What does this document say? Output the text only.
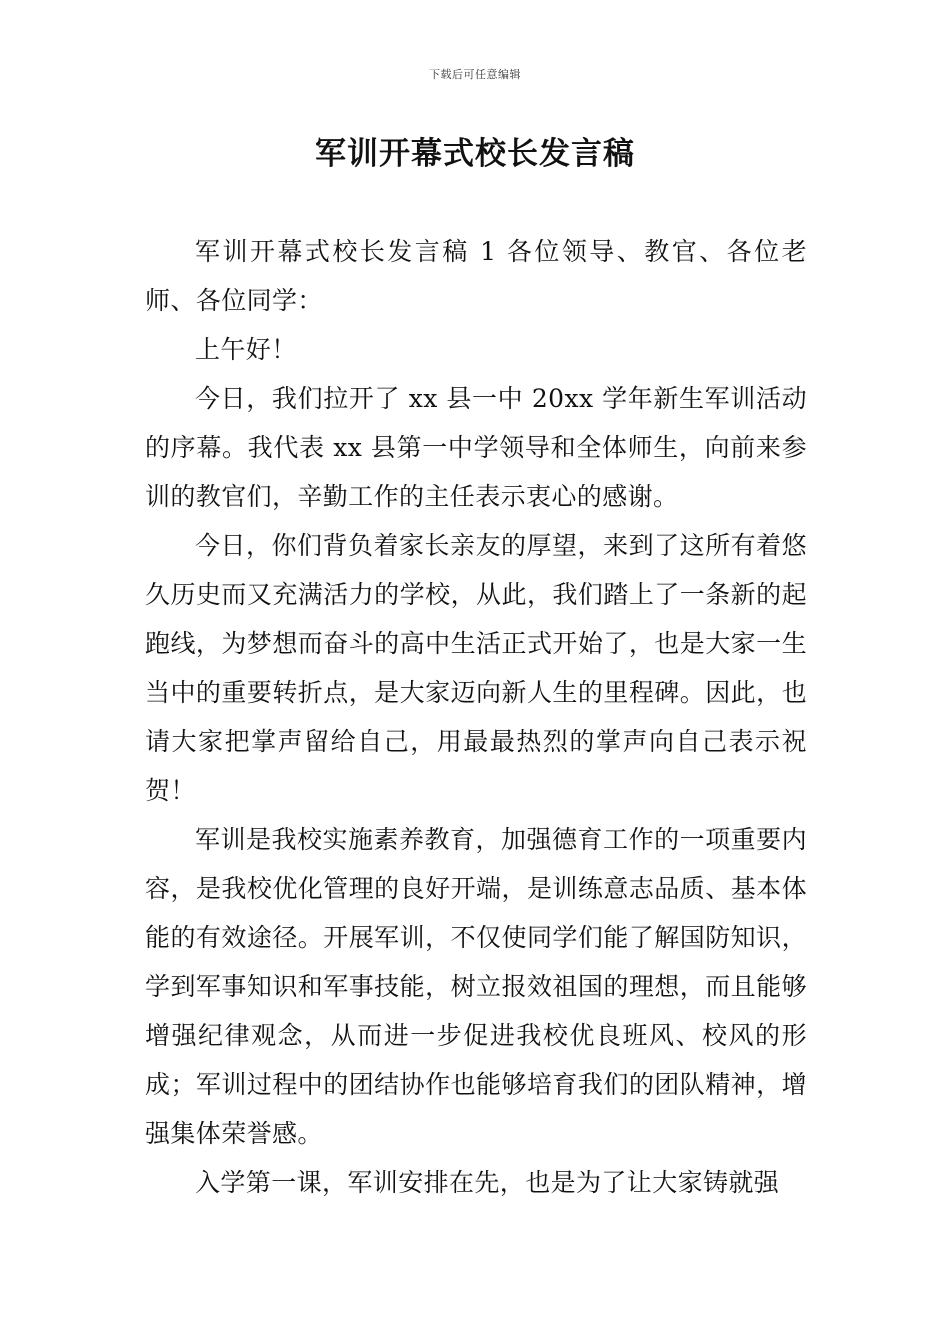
下载后可任意编辑
军训开幕式校长发言稿

军训开幕式校长发言稿 1 各位领导、教官、各位老师、各位同学：

上午好！

今日，我们拉开了 xx 县一中 20xx 学年新生军训活动的序幕。我代表 xx 县第一中学领导和全体师生，向前来参训的教官们，辛勤工作的主任表示衷心的感谢。

今日，你们背负着家长亲友的厚望，来到了这所有着悠久历史而又充满活力的学校，从此，我们踏上了一条新的起跑线，为梦想而奋斗的高中生活正式开始了，也是大家一生当中的重要转折点，是大家迈向新人生的里程碑。因此，也请大家把掌声留给自己，用最最热烈的掌声向自己表示祝贺！

军训是我校实施素养教育，加强德育工作的一项重要内容，是我校优化管理的良好开端，是训练意志品质、基本体能的有效途径。开展军训，不仅使同学们能了解国防知识，学到军事知识和军事技能，树立报效祖国的理想，而且能够增强纪律观念，从而进一步促进我校优良班风、校风的形成；军训过程中的团结协作也能够培育我们的团队精神，增强集体荣誉感。

入学第一课，军训安排在先，也是为了让大家铸就强
